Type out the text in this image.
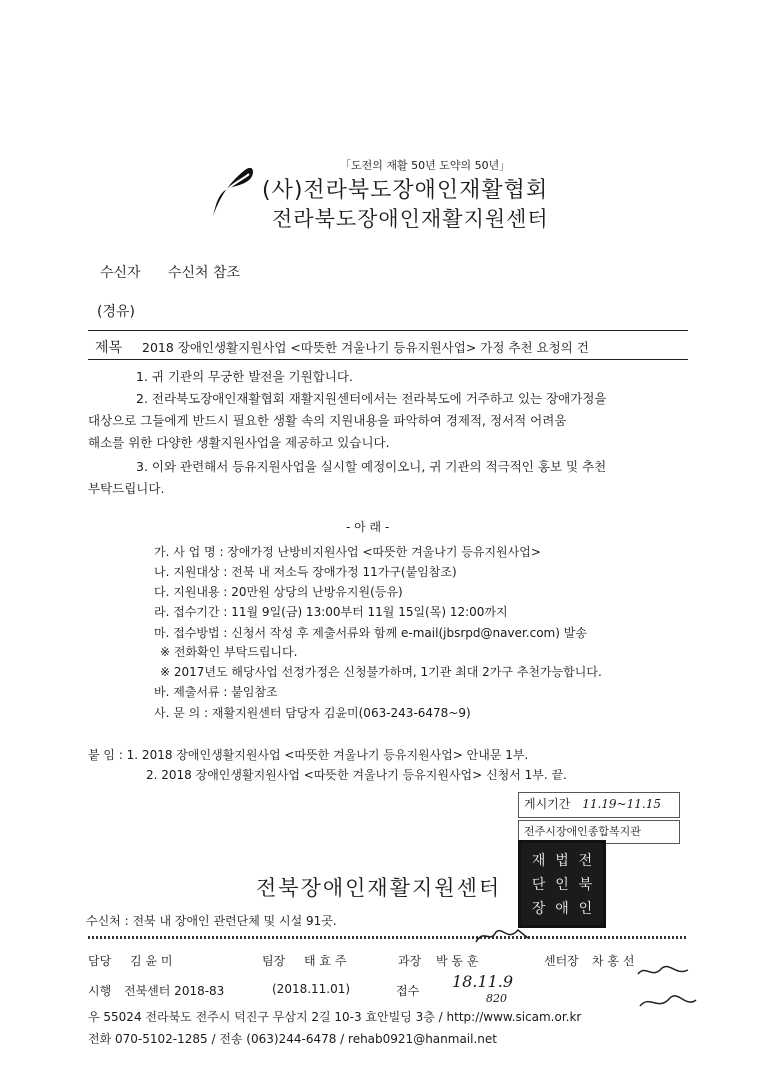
「도전의 재활 50년 도약의 50년」
(사)전라북도장애인재활협회
전라북도장애인재활지원센터
수신자 수신처 참조
(경유)
제목 2018 장애인생활지원사업 <따뜻한 겨울나기 등유지원사업> 가정 추천 요청의 건
1. 귀 기관의 무궁한 발전을 기원합니다.
2. 전라북도장애인재활협회 재활지원센터에서는 전라북도에 거주하고 있는 장애가정을
대상으로 그들에게 반드시 필요한 생활 속의 지원내용을 파악하여 경제적, 정서적 어려움
해소를 위한 다양한 생활지원사업을 제공하고 있습니다.
3. 이와 관련해서 등유지원사업을 실시할 예정이오니, 귀 기관의 적극적인 홍보 및 추천
부탁드립니다.
- 아 래 -
가. 사 업 명 : 장애가정 난방비지원사업 <따뜻한 겨울나기 등유지원사업>
나. 지원대상 : 전북 내 저소득 장애가정 11가구(붙임참조)
다. 지원내용 : 20만원 상당의 난방유지원(등유)
라. 접수기간 : 11월 9일(금) 13:00부터 11월 15일(목) 12:00까지
마. 접수방법 : 신청서 작성 후 제출서류와 함께 e-mail(jbsrpd@naver.com) 발송
※ 전화확인 부탁드립니다.
※ 2017년도 해당사업 선정가정은 신청불가하며, 1기관 최대 2가구 추천가능합니다.
바. 제출서류 : 붙임참조
사. 문 의 : 재활지원센터 담당자 김윤미(063-243-6478~9)
붙 임 : 1. 2018 장애인생활지원사업 <따뜻한 겨울나기 등유지원사업> 안내문 1부.
2. 2018 장애인생활지원사업 <따뜻한 겨울나기 등유지원사업> 신청서 1부. 끝.
게시기간 11.19~11.15
전주시장애인종합복지관
전북장애인재활지원센터
재 법 전
단 인 북
장 애 인
수신처 : 전북 내 장애인 관련단체 및 시설 91곳.
담당 김 윤 미	팀장 태 효 주	과장 박 동 훈	센터장 차 홍 선
시행 전북센터 2018-83	(2018.11.01)	접수 18.11.9
820
우 55024 전라북도 전주시 덕진구 무삼지 2길 10-3 효안빌딩 3층 / http://www.sicam.or.kr
전화 070-5102-1285 / 전송 (063)244-6478 / rehab0921@hanmail.net
